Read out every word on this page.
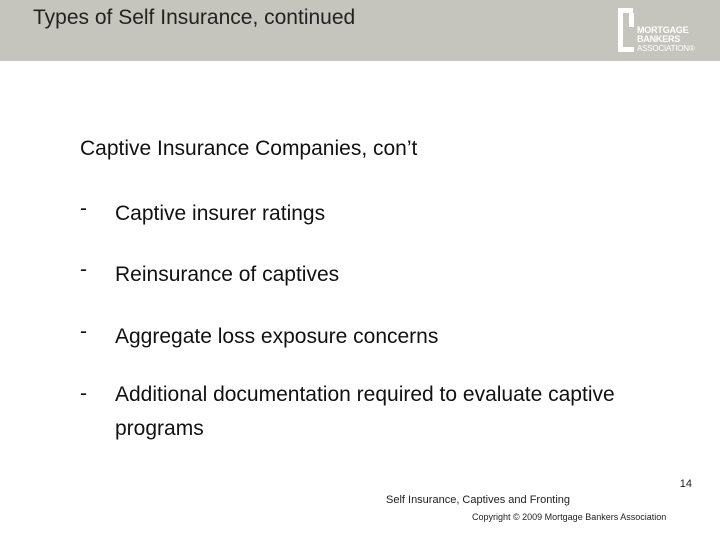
Types of Self Insurance, continued
MORTGAGE
BANKERS
ASSOCIATION®
Captive Insurance Companies, con’t
- Captive insurer ratings
- Reinsurance of captives
- Aggregate loss exposure concerns
- Additional documentation required to evaluate captive programs
14
Self Insurance, Captives and Fronting
Copyright © 2009 Mortgage Bankers Association
